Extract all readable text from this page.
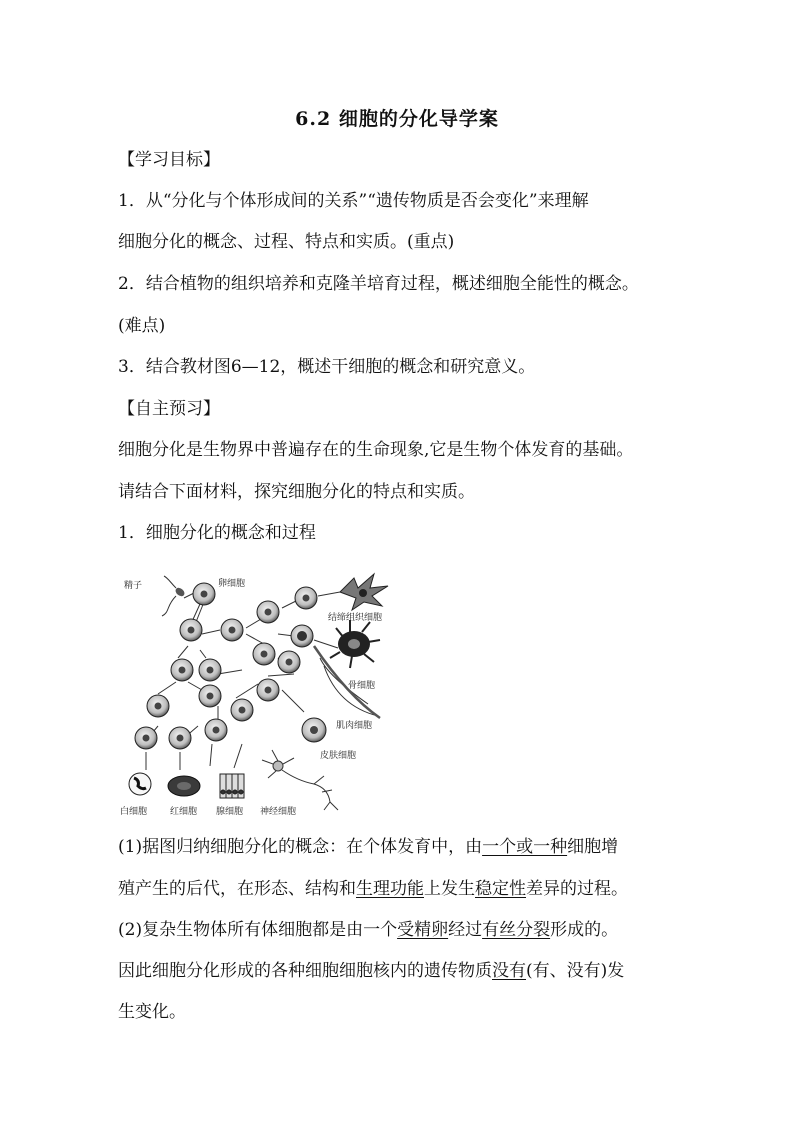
6.2 细胞的分化导学案
【学习目标】
1．从“分化与个体形成间的关系”“遗传物质是否会变化”来理解
细胞分化的概念、过程、特点和实质。(重点)
2．结合植物的组织培养和克隆羊培育过程，概述细胞全能性的概念。
(难点)
3．结合教材图6—12，概述干细胞的概念和研究意义。
【自主预习】
细胞分化是生物界中普遍存在的生命现象,它是生物个体发育的基础。
请结合下面材料，探究细胞分化的特点和实质。
1．细胞分化的概念和过程
精子	卵细胞
结缔组织细胞
骨细胞
肌肉细胞
皮肤细胞
白细胞	红细胞 腺细胞 神经细胞
(1)据图归纳细胞分化的概念：在个体发育中，由一个或一种细胞增
殖产生的后代，在形态、结构和生理功能上发生稳定性差异的过程。
(2)复杂生物体所有体细胞都是由一个受精卵经过有丝分裂形成的。
因此细胞分化形成的各种细胞细胞核内的遗传物质没有(有、没有)发
生变化。
